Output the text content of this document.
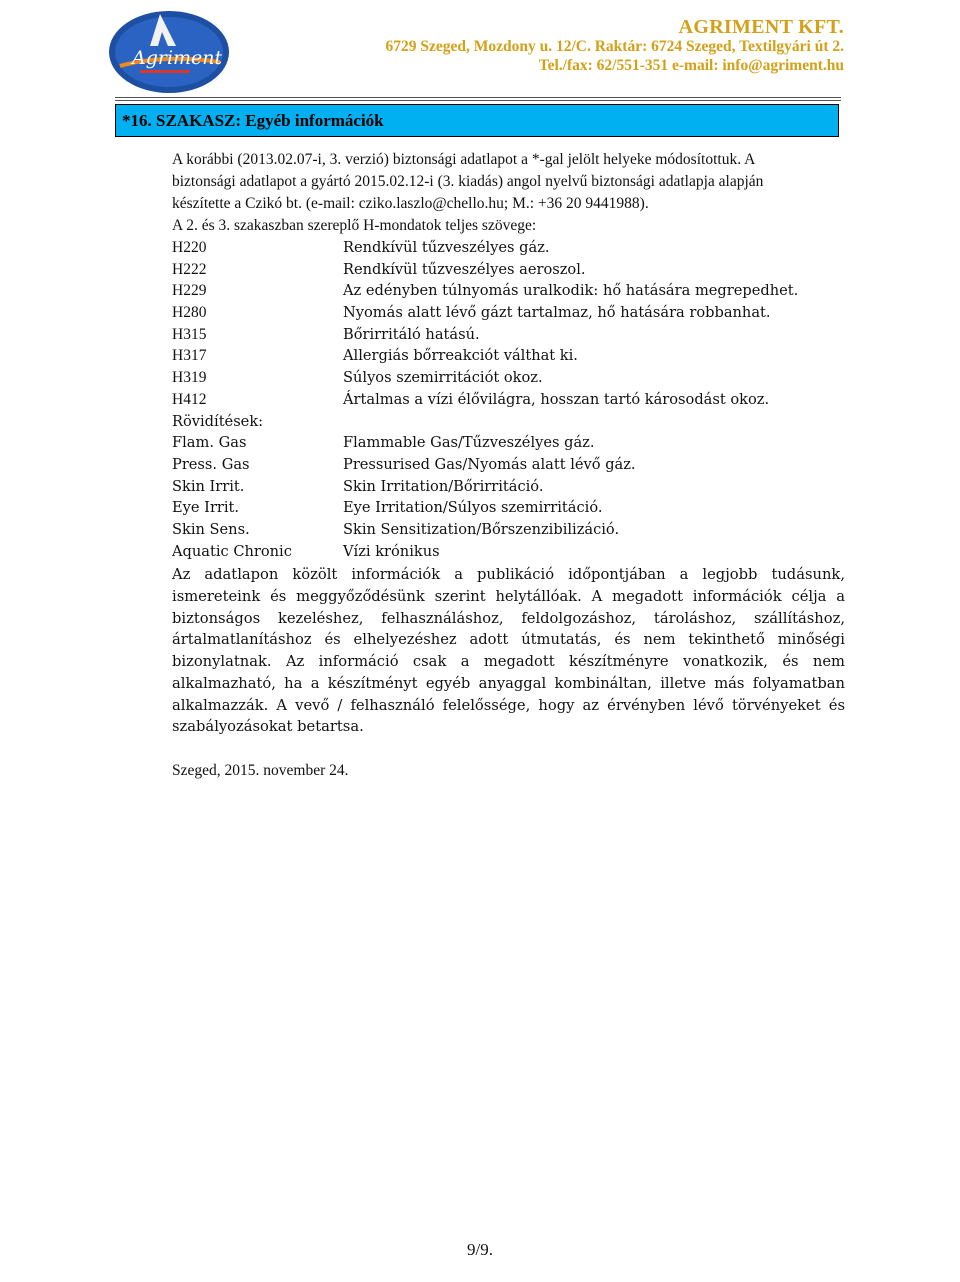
Agriment
AGRIMENT KFT.
6729 Szeged, Mozdony u. 12/C. Raktár: 6724 Szeged, Textilgyári út 2.
Tel./fax: 62/551-351 e-mail: info@agriment.hu
*16. SZAKASZ: Egyéb információk

A korábbi (2013.02.07-i, 3. verzió) biztonsági adatlapot a *-gal jelölt helyeke módosítottuk. A

biztonsági adatlapot a gyártó 2015.02.12-i (3. kiadás) angol nyelvű biztonsági adatlapja alapján

készítette a Czikó bt. (e-mail: cziko.laszlo@chello.hu; M.: +36 20 9441988).

A 2. és 3. szakaszban szereplő H-mondatok teljes szövege:

H220	Rendkívül tűzveszélyes gáz.
H222	Rendkívül tűzveszélyes aeroszol.
H229	Az edényben túlnyomás uralkodik: hő hatására megrepedhet.
H280	Nyomás alatt lévő gázt tartalmaz, hő hatására robbanhat.
H315	Bőrirritáló hatású.
H317	Allergiás bőrreakciót válthat ki.
H319	Súlyos szemirritációt okoz.
H412	Ártalmas a vízi élővilágra, hosszan tartó károsodást okoz.
Rövidítések:
Flam. Gas	Flammable Gas/Tűzveszélyes gáz.
Press. Gas	Pressurised Gas/Nyomás alatt lévő gáz.
Skin Irrit.	Skin Irritation/Bőrirritáció.
Eye Irrit.	Eye Irritation/Súlyos szemirritáció.
Skin Sens.	Skin Sensitization/Bőrszenzibilizáció.
Aquatic Chronic	Vízi krónikus

Az adatlapon közölt információk a publikáció időpontjában a legjobb tudásunk, ismereteink és meggyőződésünk szerint helytállóak. A megadott információk célja a biztonságos kezeléshez, felhasználáshoz, feldolgozáshoz, tároláshoz, szállításhoz, ártalmatlanításhoz és elhelyezéshez adott útmutatás, és nem tekinthető minőségi bizonylatnak. Az információ csak a megadott készítményre vonatkozik, és nem alkalmazható, ha a készítményt egyéb anyaggal kombináltan, illetve más folyamatban alkalmazzák. A vevő / felhasználó felelőssége, hogy az érvényben lévő törvényeket és szabályozásokat betartsa.

Szeged, 2015. november 24.
9/9.
